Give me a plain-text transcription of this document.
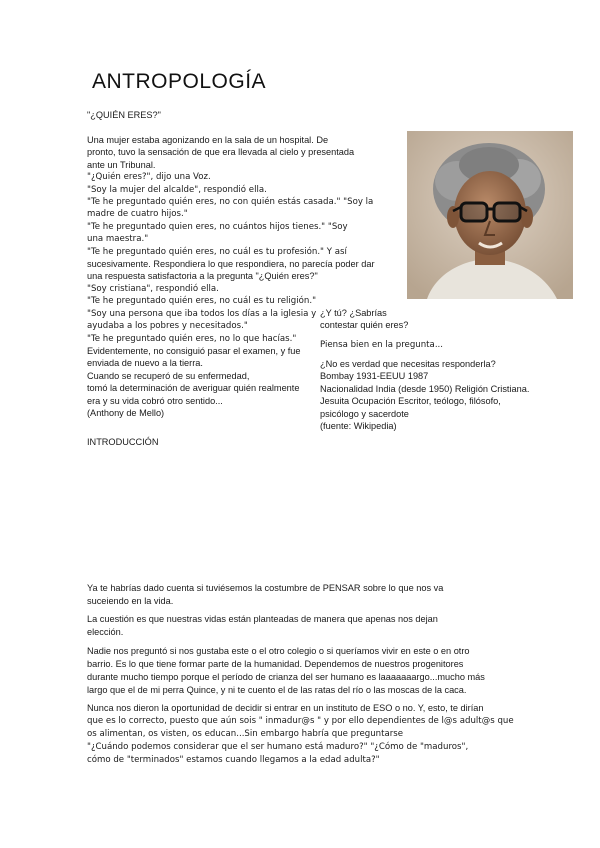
ANTROPOLOGÍA
"¿QUIÉN ERES?"
Una mujer estaba agonizando en la sala de un hospital. De
pronto, tuvo la sensación de que era llevada al cielo y presentada
ante un Tribunal.
"¿Quién eres?", dijo una Voz.
"Soy la mujer del alcalde", respondió ella.
"Te he preguntado quién eres, no con quién estás casada." "Soy la
madre de cuatro hijos."
"Te he preguntado quien eres, no cuántos hijos tienes." "Soy
una maestra."
"Te he preguntado quién eres, no cuál es tu profesión." Y así
sucesivamente. Respondiera lo que respondiera, no parecía poder dar
una respuesta satisfactoria a la pregunta "¿Quién eres?"
"Soy cristiana", respondió ella.
"Te he preguntado quién eres, no cuál es tu religión."
"Soy una persona que iba todos los días a la iglesia y
ayudaba a los pobres y necesitados."
"Te he preguntado quién eres, no lo que hacías."
Evidentemente, no consiguió pasar el examen, y fue
enviada de nuevo a la tierra.
Cuando se recuperó de su enfermedad,
tomó la determinación de averiguar quién realmente
era y su vida cobró otro sentido...
(Anthony de Mello)
INTRODUCCIÓN
¿Y tú? ¿Sabrías
contestar quién eres?
Piensa bien en la pregunta...
¿No es verdad que necesitas responderla?
Bombay 1931-EEUU 1987
Nacionalidad India (desde 1950) Religión Cristiana.
Jesuita Ocupación Escritor, teólogo, filósofo,
psicólogo y sacerdote
(fuente: Wikipedia)
Ya te habrías dado cuenta si tuviésemos la costumbre de PENSAR sobre lo que nos va
suceiendo en la vida.
La cuestión es que nuestras vidas están planteadas de manera que apenas nos dejan
elección.
Nadie nos preguntó si nos gustaba este o el otro colegio o si queríamos vivir en este o en otro
barrio. Es lo que tiene formar parte de la humanidad. Dependemos de nuestros progenitores
durante mucho tiempo porque el período de crianza del ser humano es laaaaaaargo...mucho más
largo que el de mi perra Quince, y ni te cuento el de las ratas del río o las moscas de la caca.
Nunca nos dieron la oportunidad de decidir si entrar en un instituto de ESO o no. Y, esto, te dirían
que es lo correcto, puesto que aún sois " inmadur@s " y por ello dependientes de l@s adult@s que
os alimentan, os visten, os educan...Sin embargo habría que preguntarse
"¿Cuándo podemos considerar que el ser humano está maduro?" "¿Cómo de "maduros",
cómo de "terminados" estamos cuando llegamos a la edad adulta?"
